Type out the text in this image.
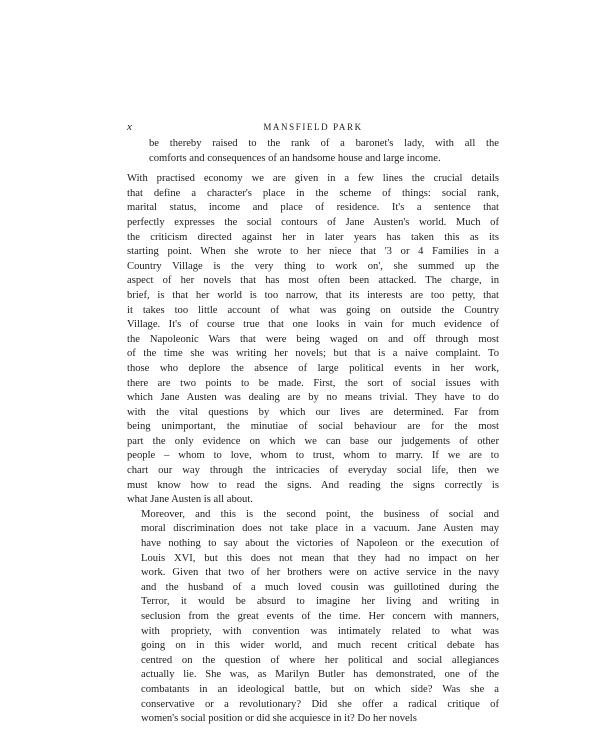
x	MANSFIELD PARK
be thereby raised to the rank of a baronet's lady, with all the
comforts and consequences of an handsome house and large income.
With practised economy we are given in a few lines the crucial details
that define a character's place in the scheme of things: social rank,
marital status, income and place of residence. It's a sentence that
perfectly expresses the social contours of Jane Austen's world. Much of
the criticism directed against her in later years has taken this as its
starting point. When she wrote to her niece that '3 or 4 Families in a
Country Village is the very thing to work on', she summed up the
aspect of her novels that has most often been attacked. The charge, in
brief, is that her world is too narrow, that its interests are too petty, that
it takes too little account of what was going on outside the Country
Village. It's of course true that one looks in vain for much evidence of
the Napoleonic Wars that were being waged on and off through most
of the time she was writing her novels; but that is a naive complaint. To
those who deplore the absence of large political events in her work,
there are two points to be made. First, the sort of social issues with
which Jane Austen was dealing are by no means trivial. They have to do
with the vital questions by which our lives are determined. Far from
being unimportant, the minutiae of social behaviour are for the most
part the only evidence on which we can base our judgements of other
people – whom to love, whom to trust, whom to marry. If we are to
chart our way through the intricacies of everyday social life, then we
must know how to read the signs. And reading the signs correctly is
what Jane Austen is all about.
Moreover, and this is the second point, the business of social and
moral discrimination does not take place in a vacuum. Jane Austen may
have nothing to say about the victories of Napoleon or the execution of
Louis XVI, but this does not mean that they had no impact on her
work. Given that two of her brothers were on active service in the navy
and the husband of a much loved cousin was guillotined during the
Terror, it would be absurd to imagine her living and writing in
seclusion from the great events of the time. Her concern with manners,
with propriety, with convention was intimately related to what was
going on in this wider world, and much recent critical debate has
centred on the question of where her political and social allegiances
actually lie. She was, as Marilyn Butler has demonstrated, one of the
combatants in an ideological battle, but on which side? Was she a
conservative or a revolutionary? Did she offer a radical critique of
women's social position or did she acquiesce in it? Do her novels
